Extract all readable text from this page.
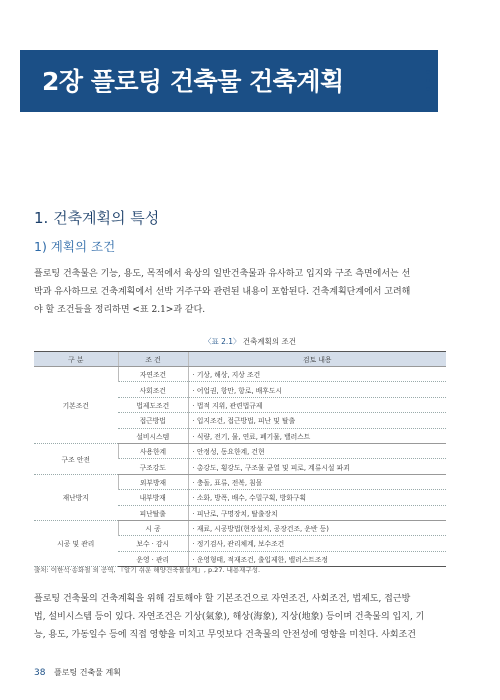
2장 플로팅 건축물 건축계획
1. 건축계획의 특성
1) 계획의 조건
플로팅 건축물은 기능, 용도, 목적에서 육상의 일반건축물과 유사하고 입지와 구조 측면에서는 선
박과 유사하므로 건축계획에서 선박 거주구와 관련된 내용이 포함된다. 건축계획단계에서 고려해
야 할 조건들을 정리하면 <표 2.1>과 같다.
〈표 2.1〉 건축계획의 조건
구 분	조 건	검토 내용
기본조건	자연조건	· 기상, 해상, 지상 조건
	사회조건	· 어업권, 항만, 항로, 배후도시
	법제도조건	· 법적 지위, 관련법규제
	접근방법	· 입지조건, 접근방법, 피난 및 탈출
	설비시스템	· 식량, 전기, 물, 연료, 폐기물, 밸러스트
구조 안전	사용한계	· 안정성, 동요한계, 건현
	구조강도	· 총강도, 횡강도, 구조물 균열 및 피로, 계류시설 파괴
재난방지	외부방재	· 충돌, 표류, 전복, 침몰
	내부방재	· 소화, 방폭, 배수, 수밀구획, 방화구획
	피난탈출	· 피난로, 구명장치, 탈출장치
시공 및 관리	시 공	· 재료, 시공방법(현장설치, 공장건조, 운반 등)
	보수 · 감시	· 정기검사, 관리체계, 보수조건
	운영 · 관리	· 운영형태, 적재조건, 출입제한, 밸러스트조정
출처: 이한석·송화철 외 공역, 『알기 쉬운 해양건축물설계』, p.27. 내용재구성.
플로팅 건축물의 건축계획을 위해 검토해야 할 기본조건으로 자연조건, 사회조건, 법제도, 접근방
법, 설비시스템 등이 있다. 자연조건은 기상(氣象), 해상(海象), 지상(地象) 등이며 건축물의 입지, 기
능, 용도, 가동일수 등에 직접 영향을 미치고 무엇보다 건축물의 안전성에 영향을 미친다. 사회조건
38 플로팅 건축물 계획
